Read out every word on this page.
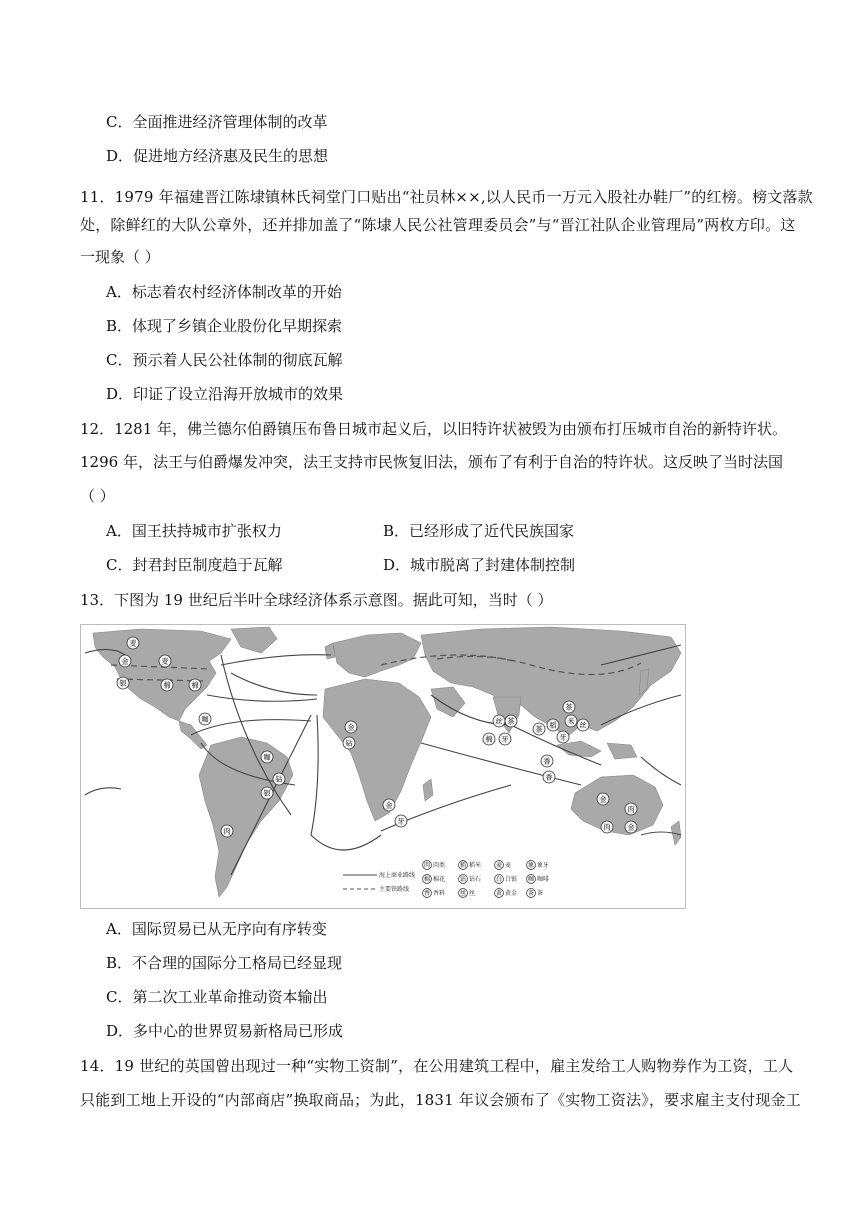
C．全面推进经济管理体制的改革
D．促进地方经济惠及民生的思想
11．1979 年福建晋江陈埭镇林氏祠堂门口贴出“社员林××,以人民币一万元入股社办鞋厂”的红榜。榜文落款
处，除鲜红的大队公章外，还并排加盖了“陈埭人民公社管理委员会”与“晋江社队企业管理局”两枚方印。这
一现象（ ）
A．标志着农村经济体制改革的开始
B．体现了乡镇企业股份化早期探索
C．预示着人民公社体制的彻底瓦解
D．印证了设立沿海开放城市的效果
12．1281 年，佛兰德尔伯爵镇压布鲁日城市起义后，以旧特许状被毁为由颁布打压城市自治的新特许状。
1296 年，法王与伯爵爆发冲突，法王支持市民恢复旧法，颁布了有利于自治的特许状。这反映了当时法国
（ ）
A．国王扶持城市扩张权力	B．已经形成了近代民族国家
C．封君封臣制度趋于瓦解	D．城市脱离了封建体制控制
13．下图为 19 世纪后半叶全球经济体系示意图。据此可知，当时（ ）
麦
金	麦
银	棉	棉
咖
咖
钻
银
肉
金
钻
金
牙
丝 茶
棉 牙
茶
米 丝
稻
茶
牙
香
香
金
肉
金
肉
海上商业路线
主要铁路线
肉 肉类 稻 稻米 麦 麦	象 象牙
棉 棉花 钻 钻石 白 白银 咖 咖啡
香 香料 丝 丝	黄 黄金 茶 茶
A．国际贸易已从无序向有序转变
B．不合理的国际分工格局已经显现
C．第二次工业革命推动资本输出
D．多中心的世界贸易新格局已形成
14．19 世纪的英国曾出现过一种“实物工资制”，在公用建筑工程中，雇主发给工人购物券作为工资，工人
只能到工地上开设的“内部商店”换取商品；为此，1831 年议会颁布了《实物工资法》，要求雇主支付现金工
